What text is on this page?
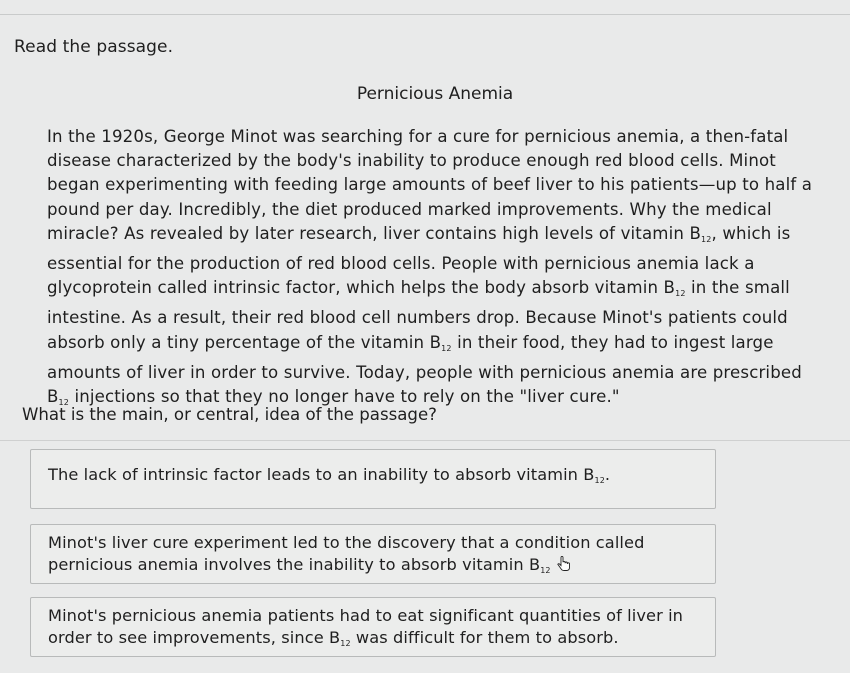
Read the passage.
Pernicious Anemia

In the 1920s, George Minot was searching for a cure for pernicious anemia, a then-fatal disease characterized by the body's inability to produce enough red blood cells. Minot began experimenting with feeding large amounts of beef liver to his patients—up to half a pound per day. Incredibly, the diet produced marked improvements. Why the medical miracle? As revealed by later research, liver contains high levels of vitamin $B_{12}$, which is essential for the production of red blood cells. People with pernicious anemia lack a glycoprotein called intrinsic factor, which helps the body absorb vitamin $B_{12}$ in the small intestine. As a result, their red blood cell numbers drop. Because Minot's patients could absorb only a tiny percentage of the vitamin $B_{12}$ in their food, they had to ingest large amounts of liver in order to survive. Today, people with pernicious anemia are prescribed $B_{12}$ injections so that they no longer have to rely on the "liver cure."

What is the main, or central, idea of the passage?
The lack of intrinsic factor leads to an inability to absorb vitamin $B_{12}$.
Minot's liver cure experiment led to the discovery that a condition called pernicious anemia involves the inability to absorb vitamin $B_{12}$
Minot's pernicious anemia patients had to eat significant quantities of liver in order to see improvements, since $B_{12}$ was difficult for them to absorb.
